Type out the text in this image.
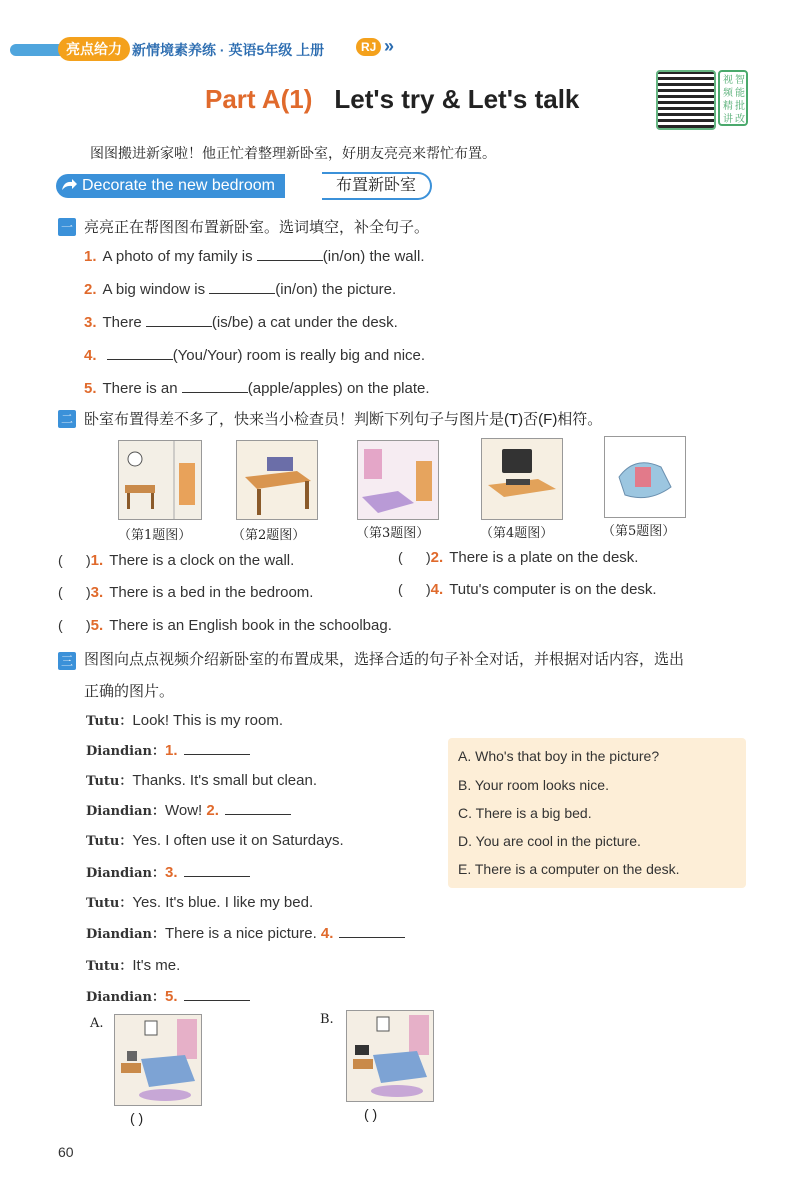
亮点给力 新情境素养练 · 英语5年级 上册	RJ »
Part A(1) Let's try & Let's talk
视频
精讲
智能
批改
图图搬进新家啦！他正忙着整理新卧室，好朋友亮亮来帮忙布置。
Decorate the new bedroom	布置新卧室
一 亮亮正在帮图图布置新卧室。选词填空，补全句子。
1. A photo of my family is	(in/on) the wall.
2. A big window is	(in/on) the picture.
3. There	(is/be) a cat under the desk.
4.	(You/Your) room is really big and nice.
5. There is an	(apple/apples) on the plate.
二 卧室布置得差不多了，快来当小检查员！判断下列句子与图片是(T)否(F)相符。
（第1题图）	（第2题图）	（第3题图）	（第4题图）	（第5题图）
(      )1. There is a clock on the wall.	(      )2. There is a plate on the desk.
(      )3. There is a bed in the bedroom.	(      )4. Tutu's computer is on the desk.
(      )5. There is an English book in the schoolbag.
三 图图向点点视频介绍新卧室的布置成果，选择合适的句子补全对话，并根据对话内容，选出
正确的图片。
Tutu：Look! This is my room.
Diandian：1.
Tutu：Thanks. It's small but clean.
Diandian：Wow! 2.
Tutu：Yes. I often use it on Saturdays.
Diandian：3.
Tutu：Yes. It's blue. I like my bed.
Diandian：There is a nice picture. 4.
Tutu：It's me.
Diandian：5.
A. Who's that boy in the picture?
B. Your room looks nice.
C. There is a big bed.
D. You are cool in the picture.
E. There is a computer on the desk.
A.
( )
B.
( )
60
